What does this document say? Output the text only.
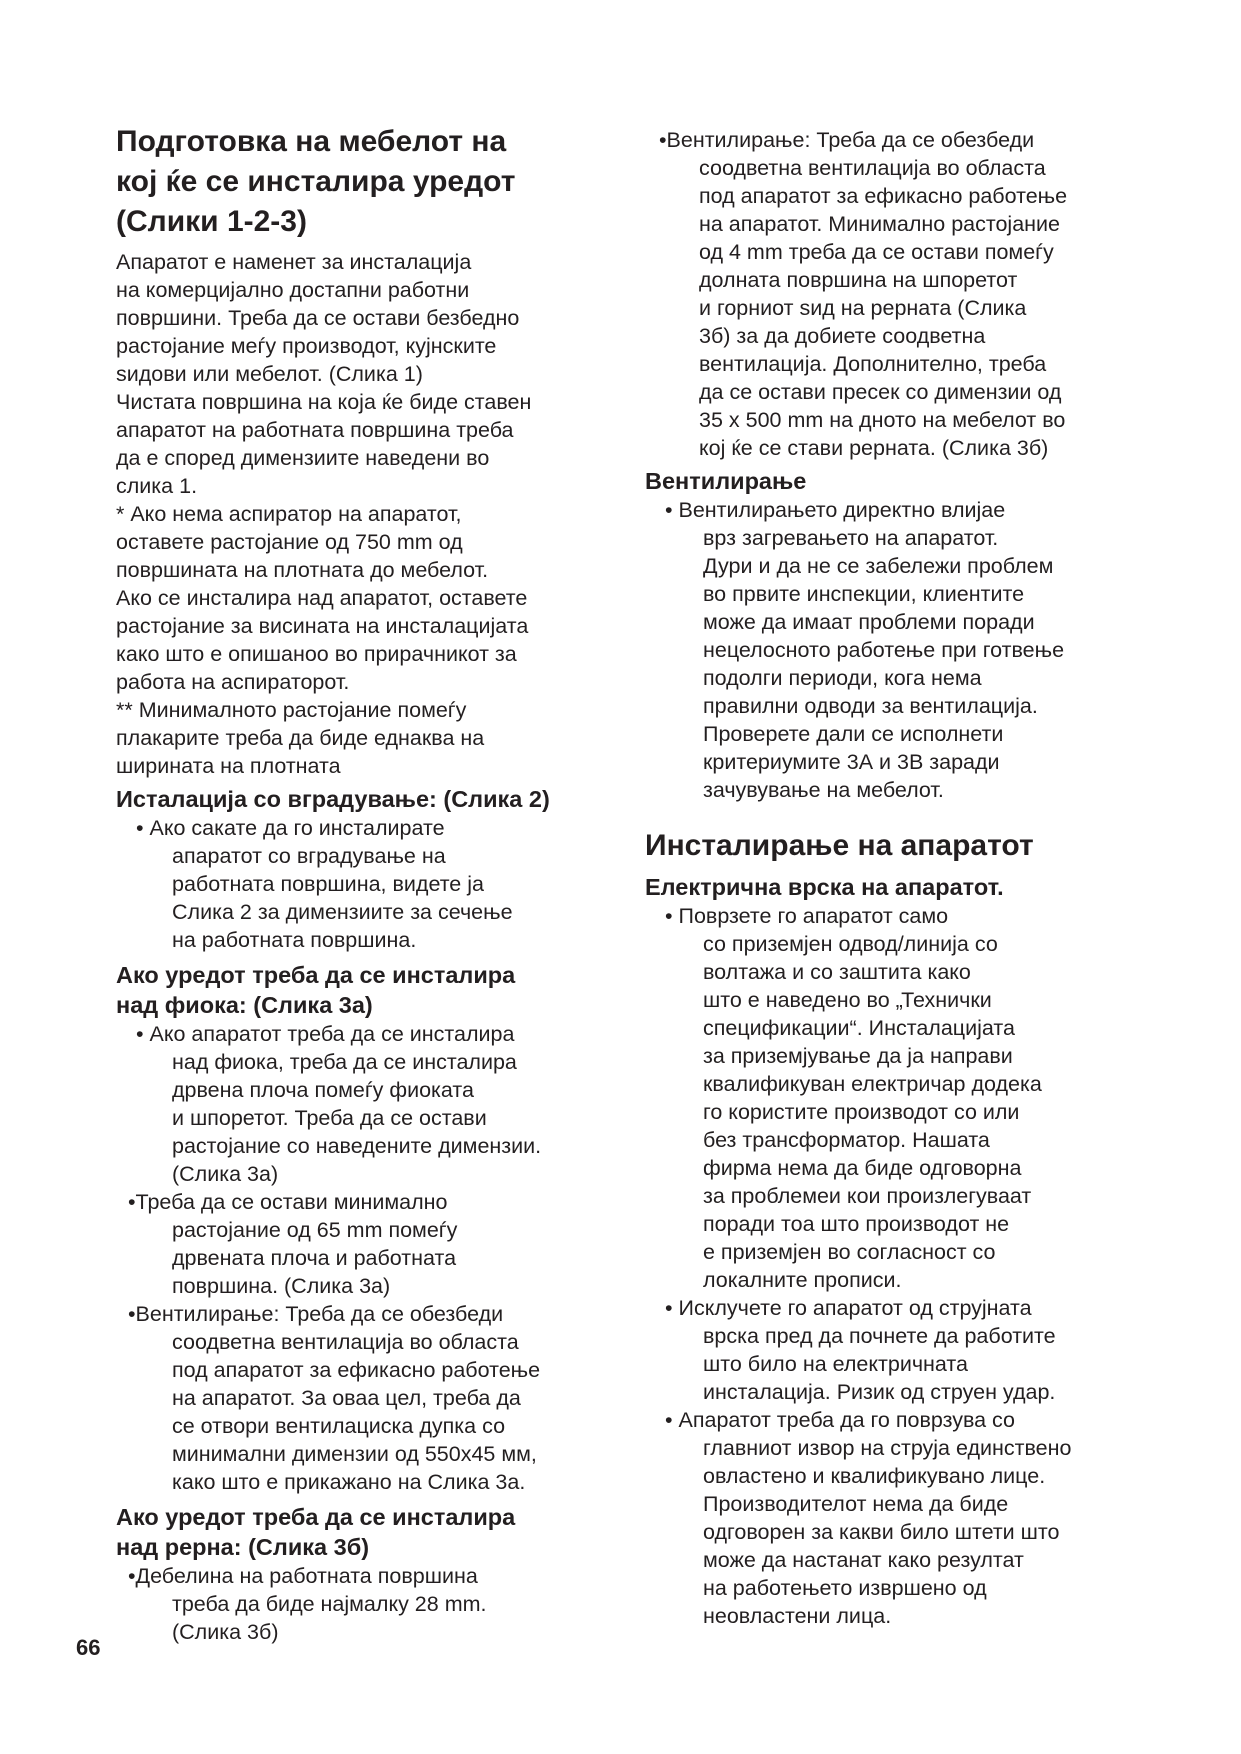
Подготовка на мебелот на
кој ќе се инсталира уредот
(Слики 1-2-3)
Апаратот е наменет за инсталација
на комерцијално достапни работни
површини. Треба да се остави безбедно
растојание меѓу производот, кујнските
ѕидови или мебелот. (Слика 1)
Чистата површина на која ќе биде ставен
апаратот на работната површина треба
да е според димензиите наведени во
слика 1.
* Ако нема аспиратор на апаратот,
оставете растојание од 750 mm од
површинaта на плотната до мебелот.
Ако се инсталира над апаратот, оставете
растојание за висината на инсталацијата
како што е опишаноо во прирачникот за
работа на аспираторот.
** Минималното растојание помеѓу
плакарите треба да биде еднаква на
ширината на плотната
Исталација со вградување: (Слика 2)
• Ако сакате да го инсталирате
апаратот со вградување на
работната површина, видете ја
Слика 2 за димензиите за сечење
на работната површина.
Ако уредот треба да се инсталира
над фиока: (Слика 3а)
• Ако апаратот треба да се инсталира
над фиока, треба да се инсталира
дрвена плоча помеѓу фиоката
и шпоретот. Треба да се остави
растојание со наведените димензии.
(Слика 3а)
•Треба да се остави минимално
растојание од 65 mm помеѓу
дрвената плоча и работната
површина. (Слика 3а)
•Вентилирање: Треба да се обезбеди
соодветна вентилација во областа
под апаратот за ефикасно работење
на апаратот. За оваа цел, треба да
се отвори вентилациска дупка со
минимални димензии од 550x45 мм,
како што е прикажано на Слика 3а.
Ако уредот треба да се инсталира
над рерна: (Слика 3б)
•Дебелина на работната површина
треба да биде најмалку 28 mm.
(Слика 3б)
•Вентилирање: Треба да се обезбеди
соодветна вентилација во областа
под апаратот за ефикасно работење
на апаратот. Минимално растојание
од 4 mm треба да се остави помеѓу
долната површина на шпоретот
и горниот ѕид на рерната (Слика
3б) за да добиете соодветна
вентилација. Дополнително, треба
да се остави пресек со димензии од
35 x 500 mm на дното на мебелот во
кој ќе се стави рерната. (Слика 3б)
Вентилирање
• Вентилирањето директно влијае
врз загревањето на апаратот.
Дури и да не се забележи проблем
во првите инспекции, клиентите
може да имаат проблеми поради
нецелосното работење при готвење
подолги периоди, кога нема
правилни одводи за вентилација.
Проверете дали се исполнети
критериумите 3А и 3В заради
зачувување на мебелот.
Инсталирање на апаратот
Електрична врска на апаратот.
• Поврзете го апаратот само
со приземјен одвод/линија со
волтажа и со заштита како
што е наведено во „Технички
спецификации“. Инсталацијата
за приземјување да ја направи
квалификуван електричар додека
го користите производот со или
без трансформатор. Нашата
фирма нема да биде одговорна
за проблемеи кои произлегуваат
поради тоа што производот не
е приземјен во согласност со
локалните прописи.
• Исклучете го апаратот од струјната
врска пред да почнете да работите
што било на електричната
инсталација. Ризик од струен удар.
• Апаратот треба да го поврзува со
главниот извор на струја единствено
овластено и квалификувано лице.
Производителот нема да биде
одговорен за какви било штети што
може да настанат како резултат
на работењето извршено од
неовластени лица.
66
